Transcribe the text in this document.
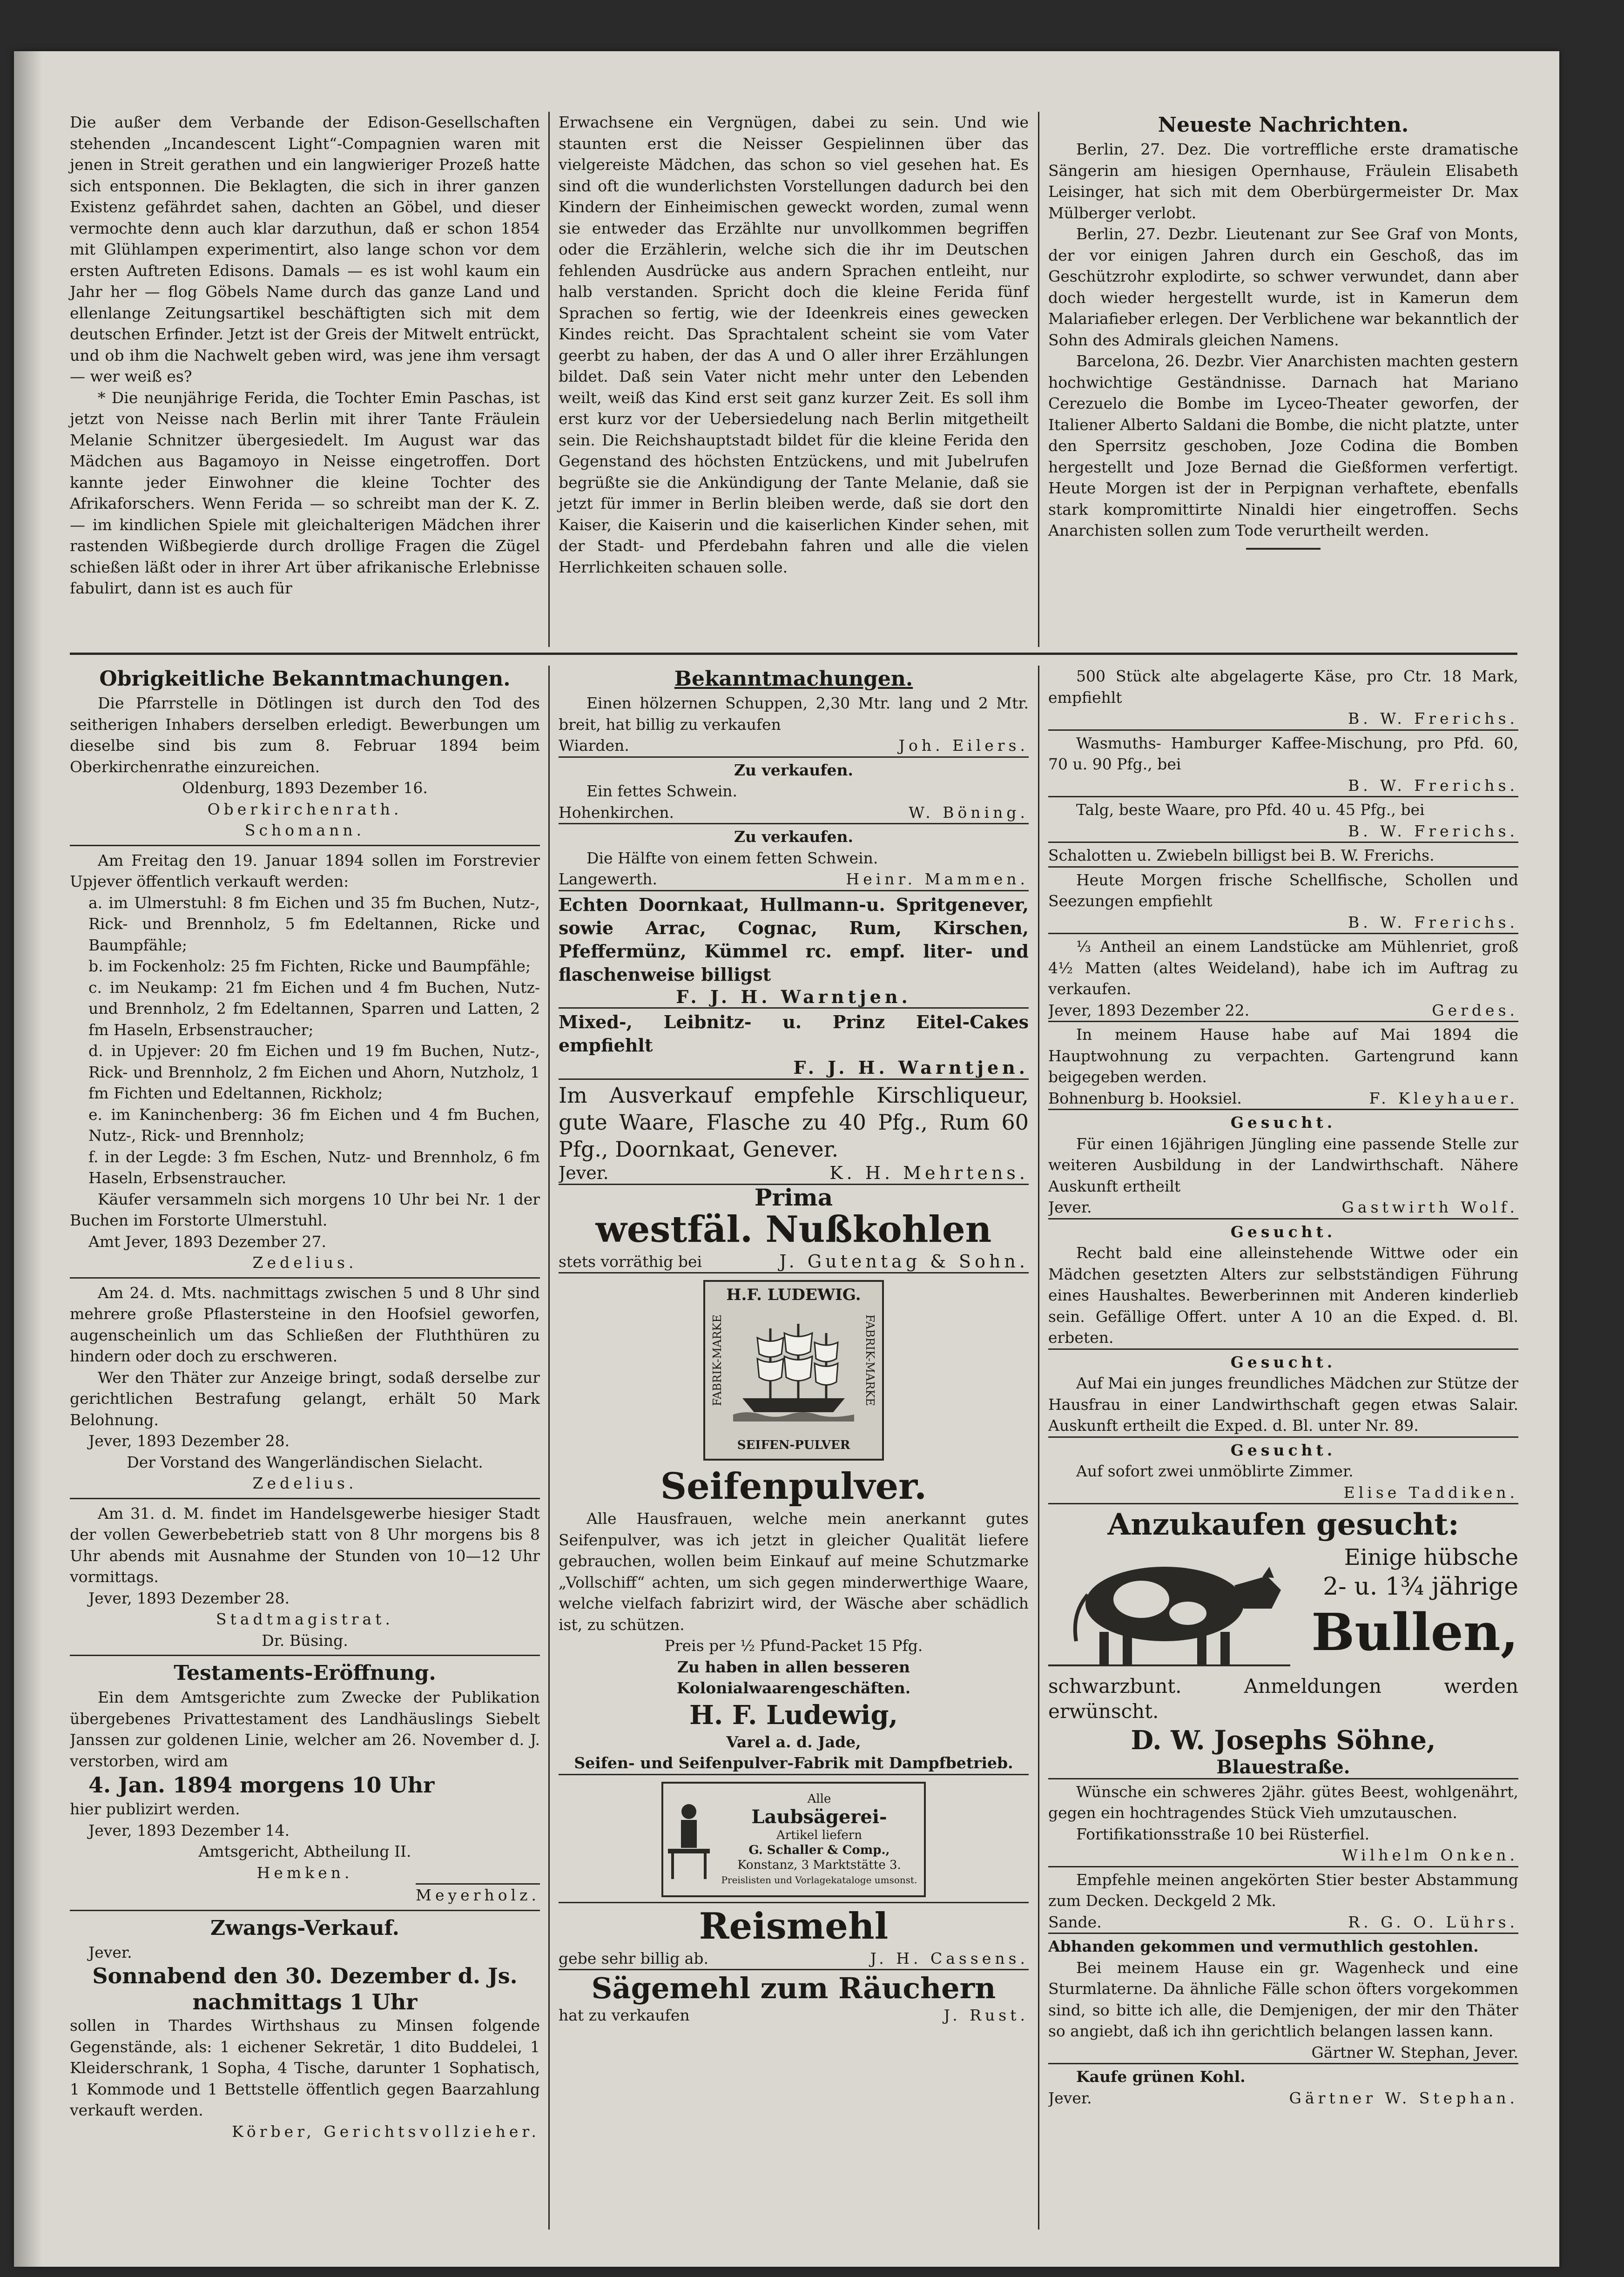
Die außer dem Verbande der Edison-Gesellschaften stehenden „Incandescent Light“-Compagnien waren mit jenen in Streit gerathen und ein langwieriger Prozeß hatte sich entsponnen. Die Beklagten, die sich in ihrer ganzen Existenz gefährdet sahen, dachten an Göbel, und dieser vermochte denn auch klar darzuthun, daß er schon 1854 mit Glühlampen experimentirt, also lange schon vor dem ersten Auftreten Edisons. Damals — es ist wohl kaum ein Jahr her — flog Göbels Name durch das ganze Land und ellenlange Zeitungsartikel beschäftigten sich mit dem deutschen Erfinder. Jetzt ist der Greis der Mitwelt entrückt, und ob ihm die Nachwelt geben wird, was jene ihm versagt — wer weiß es?

* Die neunjährige Ferida, die Tochter Emin Paschas, ist jetzt von Neisse nach Berlin mit ihrer Tante Fräulein Melanie Schnitzer übergesiedelt. Im August war das Mädchen aus Bagamoyo in Neisse eingetroffen. Dort kannte jeder Einwohner die kleine Tochter des Afrikaforschers. Wenn Ferida — so schreibt man der K. Z. — im kindlichen Spiele mit gleichalterigen Mädchen ihrer rastenden Wißbegierde durch drollige Fragen die Zügel schießen läßt oder in ihrer Art über afrikanische Erlebnisse fabulirt, dann ist es auch für

Erwachsene ein Vergnügen, dabei zu sein. Und wie staunten erst die Neisser Gespielinnen über das vielgereiste Mädchen, das schon so viel gesehen hat. Es sind oft die wunderlichsten Vorstellungen dadurch bei den Kindern der Einheimischen geweckt worden, zumal wenn sie entweder das Erzählte nur unvollkommen begriffen oder die Erzählerin, welche sich die ihr im Deutschen fehlenden Ausdrücke aus andern Sprachen entleiht, nur halb verstanden. Spricht doch die kleine Ferida fünf Sprachen so fertig, wie der Ideenkreis eines gewecken Kindes reicht. Das Sprachtalent scheint sie vom Vater geerbt zu haben, der das A und O aller ihrer Erzählungen bildet. Daß sein Vater nicht mehr unter den Lebenden weilt, weiß das Kind erst seit ganz kurzer Zeit. Es soll ihm erst kurz vor der Uebersiedelung nach Berlin mitgetheilt sein. Die Reichshauptstadt bildet für die kleine Ferida den Gegenstand des höchsten Entzückens, und mit Jubelrufen begrüßte sie die Ankündigung der Tante Melanie, daß sie jetzt für immer in Berlin bleiben werde, daß sie dort den Kaiser, die Kaiserin und die kaiserlichen Kinder sehen, mit der Stadt- und Pferdebahn fahren und alle die vielen Herrlichkeiten schauen solle.

Neueste Nachrichten.

Berlin, 27. Dez. Die vortreffliche erste dramatische Sängerin am hiesigen Opernhause, Fräulein Elisabeth Leisinger, hat sich mit dem Oberbürgermeister Dr. Max Mülberger verlobt.

Berlin, 27. Dezbr. Lieutenant zur See Graf von Monts, der vor einigen Jahren durch ein Geschoß, das im Geschützrohr explodirte, so schwer verwundet, dann aber doch wieder hergestellt wurde, ist in Kamerun dem Malariafieber erlegen. Der Verblichene war bekanntlich der Sohn des Admirals gleichen Namens.

Barcelona, 26. Dezbr. Vier Anarchisten machten gestern hochwichtige Geständnisse. Darnach hat Mariano Cerezuelo die Bombe im Lyceo-Theater geworfen, der Italiener Alberto Saldani die Bombe, die nicht platzte, unter den Sperrsitz geschoben, Joze Codina die Bomben hergestellt und Joze Bernad die Gießformen verfertigt. Heute Morgen ist der in Perpignan verhaftete, ebenfalls stark kompromittirte Ninaldi hier eingetroffen. Sechs Anarchisten sollen zum Tode verurtheilt werden.

Obrigkeitliche Bekanntmachungen.

Die Pfarrstelle in Dötlingen ist durch den Tod des seitherigen Inhabers derselben erledigt. Bewerbungen um dieselbe sind bis zum 8. Februar 1894 beim Oberkirchenrathe einzureichen.

Oldenburg, 1893 Dezember 16.
Oberkirchenrath.
Schomann.

Am Freitag den 19. Januar 1894 sollen im Forstrevier Upjever öffentlich verkauft werden:

a. im Ulmerstuhl: 8 fm Eichen und 35 fm Buchen, Nutz-, Rick- und Brennholz, 5 fm Edeltannen, Ricke und Baumpfähle;
b. im Fockenholz: 25 fm Fichten, Ricke und Baumpfähle;
c. im Neukamp: 21 fm Eichen und 4 fm Buchen, Nutz- und Brennholz, 2 fm Edeltannen, Sparren und Latten, 2 fm Haseln, Erbsenstraucher;
d. in Upjever: 20 fm Eichen und 19 fm Buchen, Nutz-, Rick- und Brennholz, 2 fm Eichen und Ahorn, Nutzholz, 1 fm Fichten und Edeltannen, Rickholz;
e. im Kaninchenberg: 36 fm Eichen und 4 fm Buchen, Nutz-, Rick- und Brennholz;
f. in der Legde: 3 fm Eschen, Nutz- und Brennholz, 6 fm Haseln, Erbsenstraucher.

Käufer versammeln sich morgens 10 Uhr bei Nr. 1 der Buchen im Forstorte Ulmerstuhl.

Amt Jever, 1893 Dezember 27.
Zedelius.

Am 24. d. Mts. nachmittags zwischen 5 und 8 Uhr sind mehrere große Pflastersteine in den Hoofsiel geworfen, augenscheinlich um das Schließen der Fluththüren zu hindern oder doch zu erschweren.

Wer den Thäter zur Anzeige bringt, sodaß derselbe zur gerichtlichen Bestrafung gelangt, erhält 50 Mark Belohnung.

Jever, 1893 Dezember 28.
Der Vorstand des Wangerländischen Sielacht.
Zedelius.

Am 31. d. M. findet im Handelsgewerbe hiesiger Stadt der vollen Gewerbebetrieb statt von 8 Uhr morgens bis 8 Uhr abends mit Ausnahme der Stunden von 10—12 Uhr vormittags.

Jever, 1893 Dezember 28.
Stadtmagistrat.
Dr. Büsing.
Testaments-Eröffnung.

Ein dem Amtsgerichte zum Zwecke der Publikation übergebenes Privattestament des Landhäuslings Siebelt Janssen zur goldenen Linie, welcher am 26. November d. J. verstorben, wird am

4. Jan. 1894 morgens 10 Uhr
hier publizirt werden.
Jever, 1893 Dezember 14.
Amtsgericht, Abtheilung II.
Hemken.
Meyerholz.
Zwangs-Verkauf.
Jever.
Sonnabend den 30. Dezember d. Js. nachmittags 1 Uhr

sollen in Thardes Wirthshaus zu Minsen folgende Gegenstände, als: 1 eichener Sekretär, 1 dito Buddelei, 1 Kleiderschrank, 1 Sopha, 4 Tische, darunter 1 Sophatisch, 1 Kommode und 1 Bettstelle öffentlich gegen Baarzahlung verkauft werden.

Körber, Gerichtsvollzieher.
Bekanntmachungen.

Einen hölzernen Schuppen, 2,30 Mtr. lang und 2 Mtr. breit, hat billig zu verkaufen

Wiarden.	Joh. Eilers.
Zu verkaufen.

Ein fettes Schwein.

Hohenkirchen.	W. Böning.
Zu verkaufen.

Die Hälfte von einem fetten Schwein.

Langewerth.	Heinr. Mammen.
Echten Doornkaat, Hullmann-u. Spritgenever, sowie Arrac, Cognac, Rum, Kirschen, Pfeffermünz, Kümmel rc. empf. liter- und flaschenweise billigst
F. J. H. Warntjen.
Mixed-, Leibnitz- u. Prinz Eitel-Cakes empfiehlt
F. J. H. Warntjen.
Im Ausverkauf empfehle Kirschliqueur, gute Waare, Flasche zu 40 Pfg., Rum 60 Pfg., Doornkaat, Genever.
Jever.	K. H. Mehrtens.
Prima
westfäl. Nußkohlen
stets vorräthig bei	J. Gutentag & Sohn.
H.F. LUDEWIG.
FABRIK-MARKE	FABRIK-MARKE
SEIFEN-PULVER
Seifenpulver.

Alle Hausfrauen, welche mein anerkannt gutes Seifenpulver, was ich jetzt in gleicher Qualität liefere gebrauchen, wollen beim Einkauf auf meine Schutzmarke „Vollschiff“ achten, um sich gegen minderwerthige Waare, welche vielfach fabrizirt wird, der Wäsche aber schädlich ist, zu schützen.

Preis per ½ Pfund-Packet 15 Pfg.
Zu haben in allen besseren Kolonialwaarengeschäften.
H. F. Ludewig,
Varel a. d. Jade,
Seifen- und Seifenpulver-Fabrik mit Dampfbetrieb.
Alle
Laubsägerei-
Artikel liefern
G. Schaller & Comp.,
Konstanz, 3 Marktstätte 3.
Preislisten und Vorlagekataloge umsonst.
Reismehl
gebe sehr billig ab.	J. H. Cassens.
Sägemehl zum Räuchern
hat zu verkaufen	J. Rust.

500 Stück alte abgelagerte Käse, pro Ctr. 18 Mark, empfiehlt

B. W. Frerichs.

Wasmuths- Hamburger Kaffee-Mischung, pro Pfd. 60, 70 u. 90 Pfg., bei

B. W. Frerichs.

Talg, beste Waare, pro Pfd. 40 u. 45 Pfg., bei

B. W. Frerichs.

Schalotten u. Zwiebeln billigst bei B. W. Frerichs.

Heute Morgen frische Schellfische, Schollen und Seezungen empfiehlt

B. W. Frerichs.

⅓ Antheil an einem Landstücke am Mühlenriet, groß 4½ Matten (altes Weideland), habe ich im Auftrag zu verkaufen.

Jever, 1893 Dezember 22.	Gerdes.

In meinem Hause habe auf Mai 1894 die Hauptwohnung zu verpachten. Gartengrund kann beigegeben werden.

Bohnenburg b. Hooksiel.	F. Kleyhauer.
Gesucht.

Für einen 16jährigen Jüngling eine passende Stelle zur weiteren Ausbildung in der Landwirthschaft. Nähere Auskunft ertheilt

Jever.	Gastwirth Wolf.
Gesucht.

Recht bald eine alleinstehende Wittwe oder ein Mädchen gesetzten Alters zur selbstständigen Führung eines Haushaltes. Bewerberinnen mit Anderen kinderlieb sein. Gefällige Offert. unter A 10 an die Exped. d. Bl. erbeten.

Gesucht.

Auf Mai ein junges freundliches Mädchen zur Stütze der Hausfrau in einer Landwirthschaft gegen etwas Salair. Auskunft ertheilt die Exped. d. Bl. unter Nr. 89.

Gesucht.

Auf sofort zwei unmöblirte Zimmer.

Elise Taddiken.
Anzukaufen gesucht:
Einige hübsche
2- u. 1¾ jährige
Bullen,
schwarzbunt. Anmeldungen werden erwünscht.
D. W. Josephs Söhne,
Blauestraße.

Wünsche ein schweres 2jähr. gütes Beest, wohlgenährt, gegen ein hochtragendes Stück Vieh umzutauschen.

Fortifikationsstraße 10 bei Rüsterfiel.
Wilhelm Onken.

Empfehle meinen angekörten Stier bester Abstammung zum Decken. Deckgeld 2 Mk.

Sande.	R. G. O. Lührs.
Abhanden gekommen und vermuthlich gestohlen.

Bei meinem Hause ein gr. Wagenheck und eine Sturmlaterne. Da ähnliche Fälle schon öfters vorgekommen sind, so bitte ich alle, die Demjenigen, der mir den Thäter so angiebt, daß ich ihn gerichtlich belangen lassen kann.

Gärtner W. Stephan, Jever.

Kaufe grünen Kohl.

Jever.	Gärtner W. Stephan.
